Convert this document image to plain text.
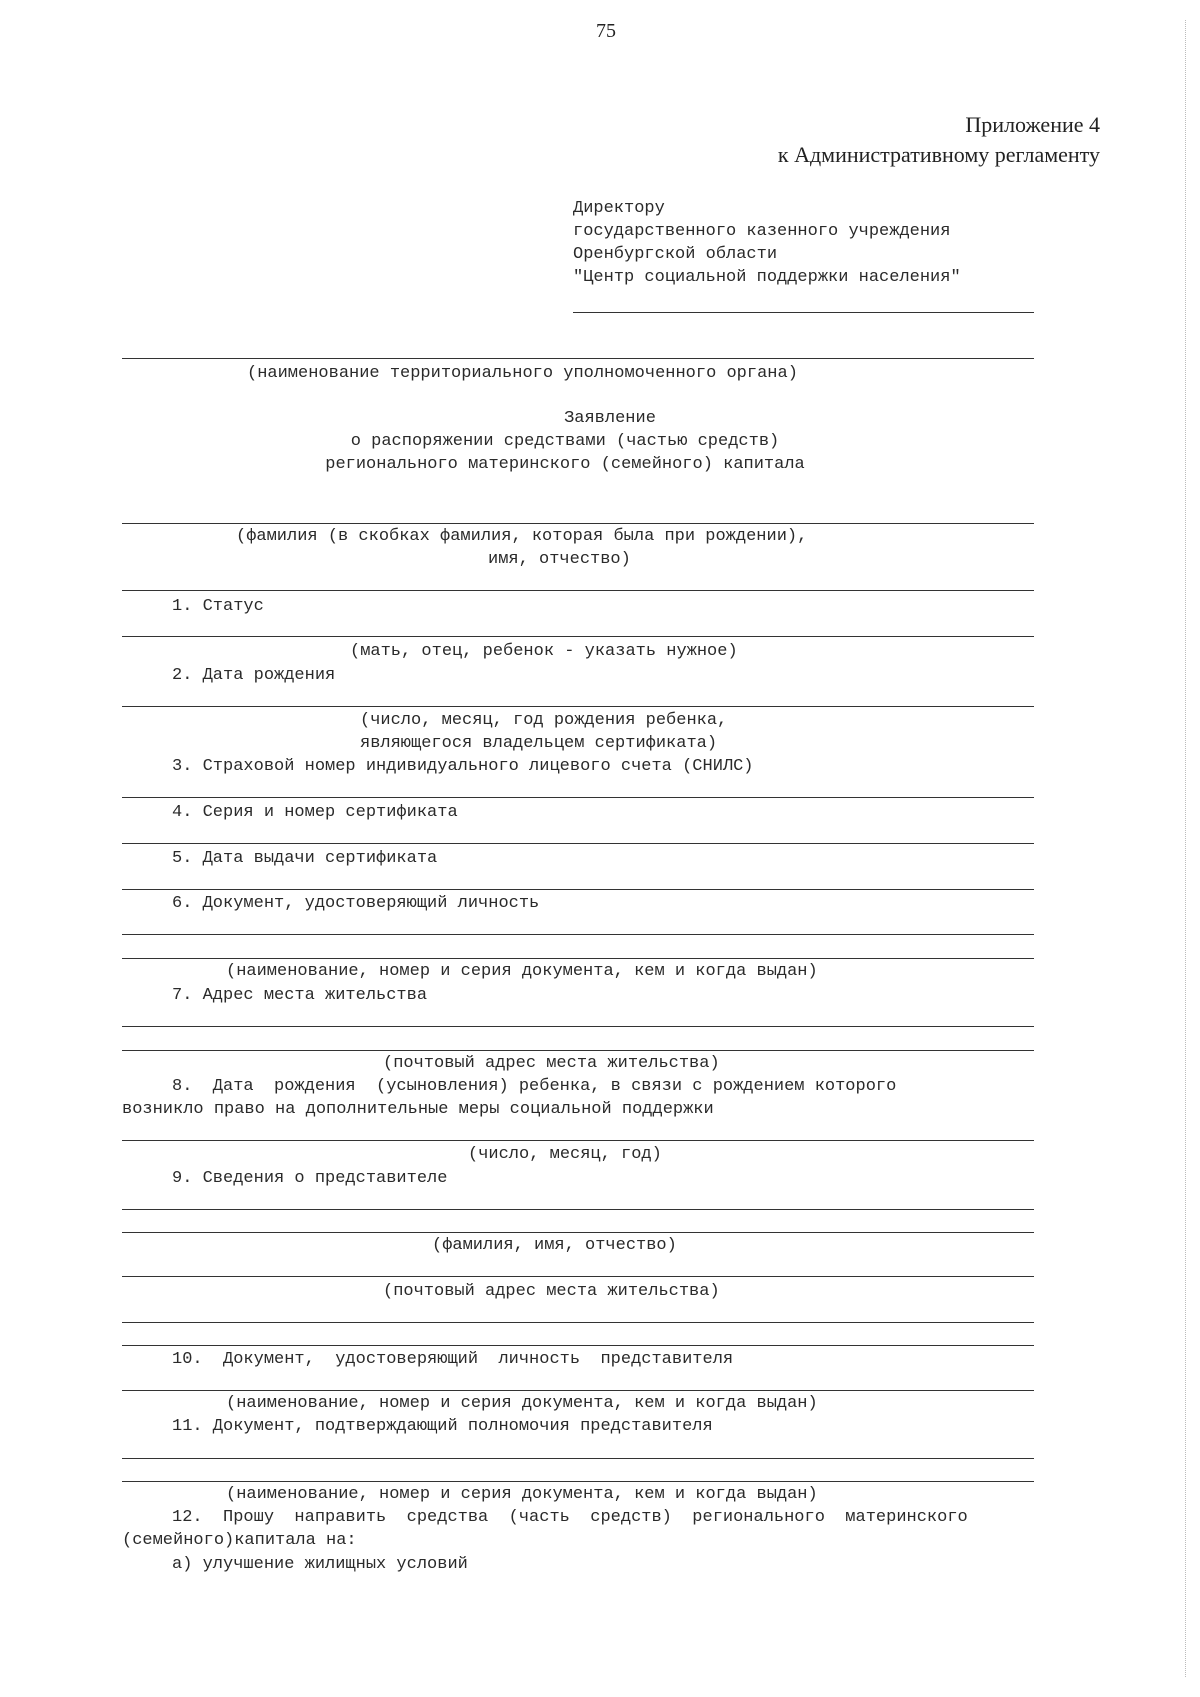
75
Приложение 4
к Административному регламенту
Директору
государственного казенного учреждения
Оренбургской области
"Центр социальной поддержки населения"
(наименование территориального уполномоченного органа)
Заявление
о распоряжении средствами (частью средств)
регионального материнского (семейного) капитала
(фамилия (в скобках фамилия, которая была при рождении),
имя, отчество)
1. Статус
(мать, отец, ребенок - указать нужное)
2. Дата рождения
(число, месяц, год рождения ребенка,
являющегося владельцем сертификата)
3. Страховой номер индивидуального лицевого счета (СНИЛС)
4. Серия и номер сертификата
5. Дата выдачи сертификата
6. Документ, удостоверяющий личность
(наименование, номер и серия документа, кем и когда выдан)
7. Адрес места жительства
(почтовый адрес места жительства)
8.  Дата  рождения  (усыновления) ребенка, в связи с рождением которого
возникло право на дополнительные меры социальной поддержки
(число, месяц, год)
9. Сведения о представителе
(фамилия, имя, отчество)
(почтовый адрес места жительства)
10.  Документ,  удостоверяющий  личность  представителя
(наименование, номер и серия документа, кем и когда выдан)
11. Документ, подтверждающий полномочия представителя
(наименование, номер и серия документа, кем и когда выдан)
12.  Прошу  направить  средства  (часть  средств)  регионального  материнского
(семейного)капитала на:
а) улучшение жилищных условий
